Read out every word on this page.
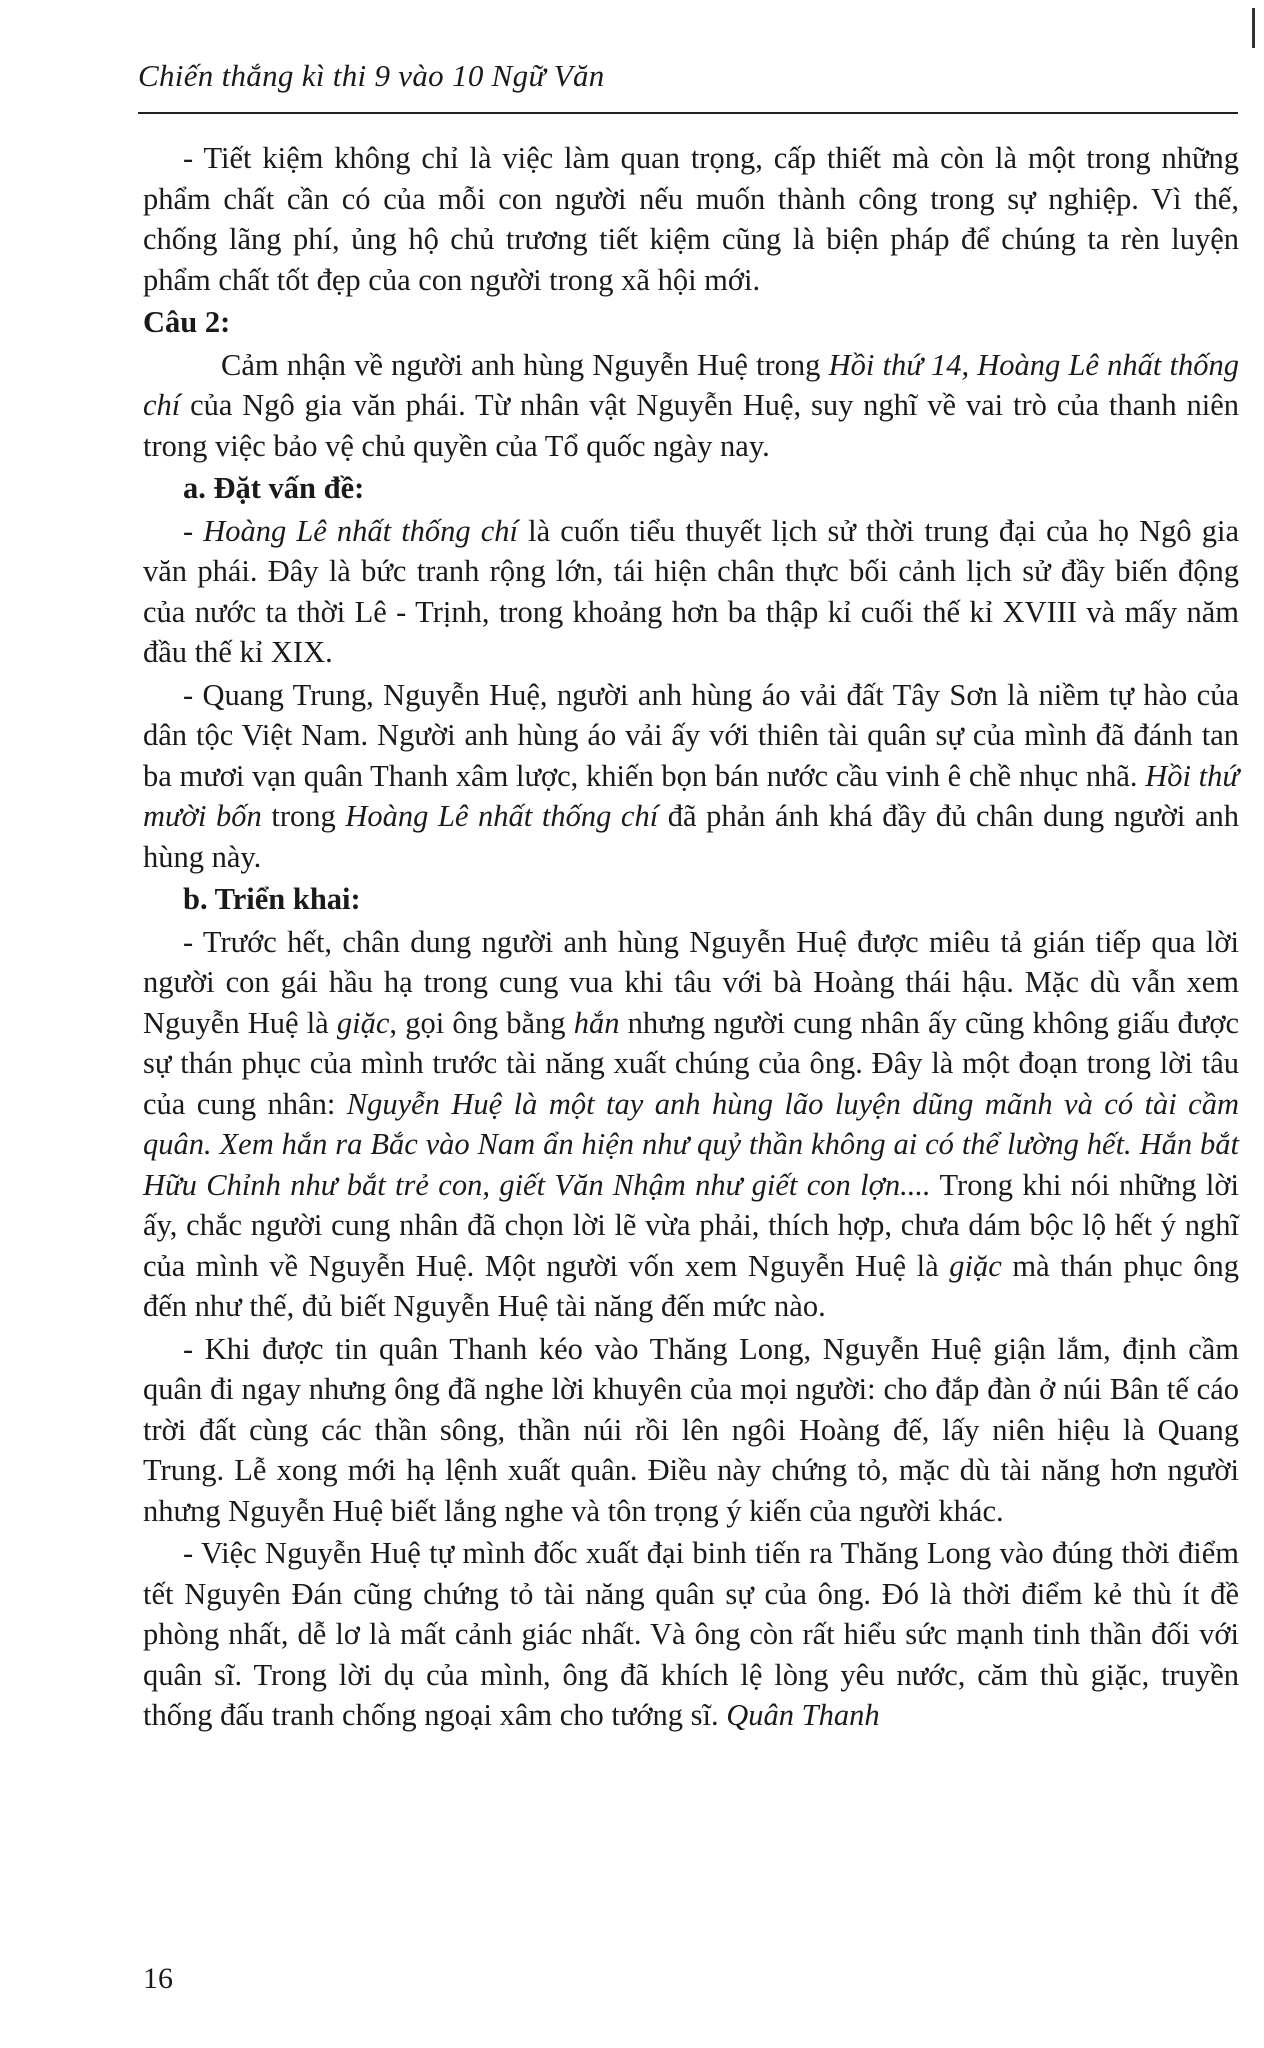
Chiến thắng kì thi 9 vào 10 Ngữ Văn

- Tiết kiệm không chỉ là việc làm quan trọng, cấp thiết mà còn là một trong những phẩm chất cần có của mỗi con người nếu muốn thành công trong sự nghiệp. Vì thế, chống lãng phí, ủng hộ chủ trương tiết kiệm cũng là biện pháp để chúng ta rèn luyện phẩm chất tốt đẹp của con người trong xã hội mới.

Câu 2:

Cảm nhận về người anh hùng Nguyễn Huệ trong Hồi thứ 14, Hoàng Lê nhất thống chí của Ngô gia văn phái. Từ nhân vật Nguyễn Huệ, suy nghĩ về vai trò của thanh niên trong việc bảo vệ chủ quyền của Tổ quốc ngày nay.

a. Đặt vấn đề:

- Hoàng Lê nhất thống chí là cuốn tiểu thuyết lịch sử thời trung đại của họ Ngô gia văn phái. Đây là bức tranh rộng lớn, tái hiện chân thực bối cảnh lịch sử đầy biến động của nước ta thời Lê - Trịnh, trong khoảng hơn ba thập kỉ cuối thế kỉ XVIII và mấy năm đầu thế kỉ XIX.

- Quang Trung, Nguyễn Huệ, người anh hùng áo vải đất Tây Sơn là niềm tự hào của dân tộc Việt Nam. Người anh hùng áo vải ấy với thiên tài quân sự của mình đã đánh tan ba mươi vạn quân Thanh xâm lược, khiến bọn bán nước cầu vinh ê chề nhục nhã. Hồi thứ mười bốn trong Hoàng Lê nhất thống chí đã phản ánh khá đầy đủ chân dung người anh hùng này.

b. Triển khai:

- Trước hết, chân dung người anh hùng Nguyễn Huệ được miêu tả gián tiếp qua lời người con gái hầu hạ trong cung vua khi tâu với bà Hoàng thái hậu. Mặc dù vẫn xem Nguyễn Huệ là giặc, gọi ông bằng hắn nhưng người cung nhân ấy cũng không giấu được sự thán phục của mình trước tài năng xuất chúng của ông. Đây là một đoạn trong lời tâu của cung nhân: Nguyễn Huệ là một tay anh hùng lão luyện dũng mãnh và có tài cầm quân. Xem hắn ra Bắc vào Nam ẩn hiện như quỷ thần không ai có thể lường hết. Hắn bắt Hữu Chỉnh như bắt trẻ con, giết Văn Nhậm như giết con lợn.... Trong khi nói những lời ấy, chắc người cung nhân đã chọn lời lẽ vừa phải, thích hợp, chưa dám bộc lộ hết ý nghĩ của mình về Nguyễn Huệ. Một người vốn xem Nguyễn Huệ là giặc mà thán phục ông đến như thế, đủ biết Nguyễn Huệ tài năng đến mức nào.

- Khi được tin quân Thanh kéo vào Thăng Long, Nguyễn Huệ giận lắm, định cầm quân đi ngay nhưng ông đã nghe lời khuyên của mọi người: cho đắp đàn ở núi Bân tế cáo trời đất cùng các thần sông, thần núi rồi lên ngôi Hoàng đế, lấy niên hiệu là Quang Trung. Lễ xong mới hạ lệnh xuất quân. Điều này chứng tỏ, mặc dù tài năng hơn người nhưng Nguyễn Huệ biết lắng nghe và tôn trọng ý kiến của người khác.

- Việc Nguyễn Huệ tự mình đốc xuất đại binh tiến ra Thăng Long vào đúng thời điểm tết Nguyên Đán cũng chứng tỏ tài năng quân sự của ông. Đó là thời điểm kẻ thù ít đề phòng nhất, dễ lơ là mất cảnh giác nhất. Và ông còn rất hiểu sức mạnh tinh thần đối với quân sĩ. Trong lời dụ của mình, ông đã khích lệ lòng yêu nước, căm thù giặc, truyền thống đấu tranh chống ngoại xâm cho tướng sĩ. Quân Thanh

16
